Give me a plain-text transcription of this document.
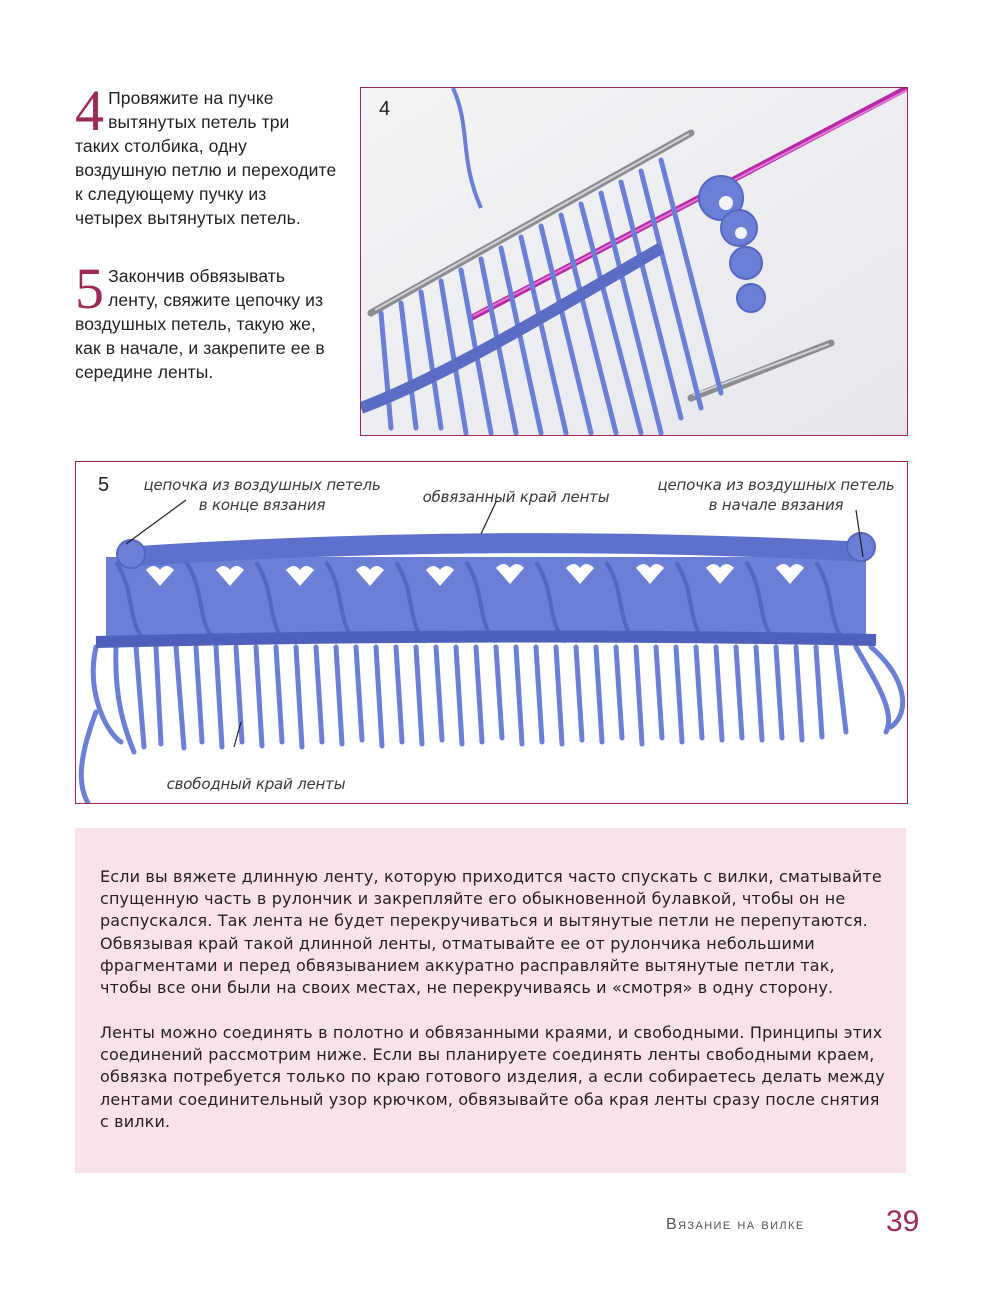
4 Провяжите на пучке вытянутых петель три таких столбика, одну воздушную петлю и переходите к следующему пучку из четырех вытянутых петель.
5 Закончив обвязывать ленту, свяжите цепочку из воздушных петель, такую же, как в начале, и закрепите ее в середине ленты.
4
5 цепочка из воздушных петель в конце вязания	обвязанный край ленты
цепочка из воздушных петель в начале вязания
свободный край ленты
Если вы вяжете длинную ленту, которую приходится часто спускать с вилки, сматывайте спущенную часть в рулончик и закрепляйте его обыкновенной булавкой, чтобы он не распускался. Так лента не будет перекручиваться и вытянутые петли не перепутаются. Обвязывая край такой длинной ленты, отматывайте ее от рулончика небольшими фрагментами и перед обвязыванием аккуратно расправляйте вытянутые петли так, чтобы все они были на своих местах, не перекручиваясь и «смотря» в одну сторону.
Ленты можно соединять в полотно и обвязанными краями, и свободными. Принципы этих соединений рассмотрим ниже. Если вы планируете соединять ленты свободными краем, обвязка потребуется только по краю готового изделия, а если собираетесь делать между лентами соединительный узор крючком, обвязывайте оба края ленты сразу после снятия с вилки.
Вязание на вилке	39
